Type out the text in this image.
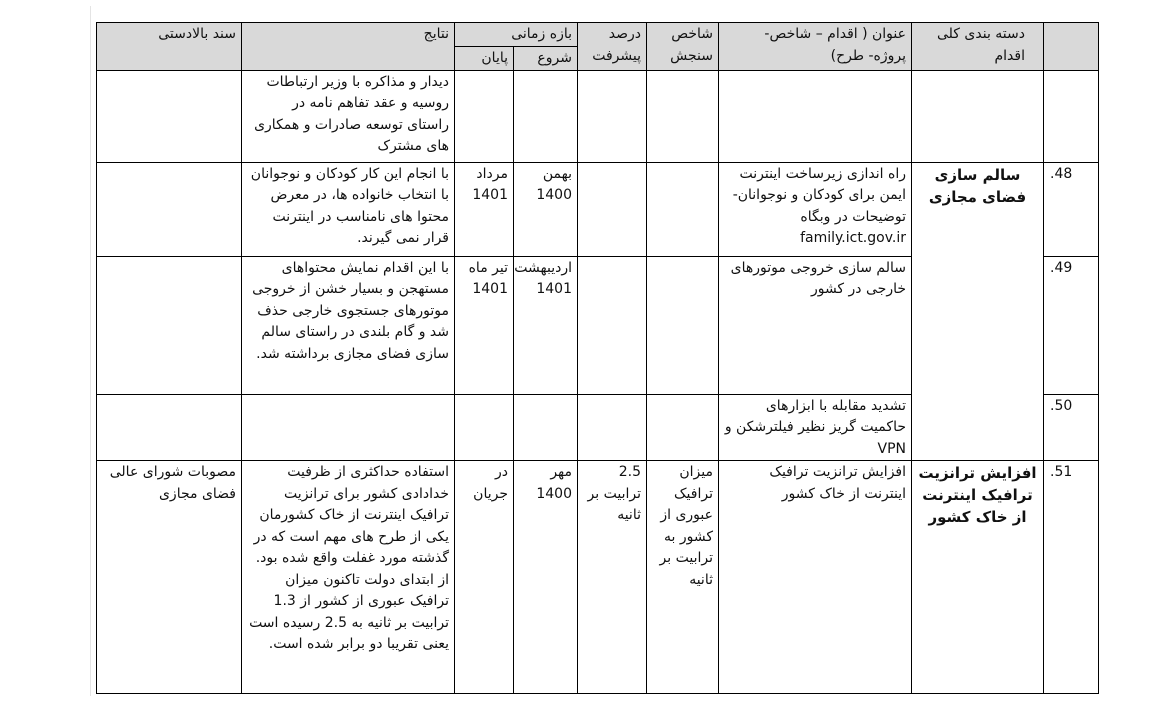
	دسته بندی کلی اقدام	عنوان ( اقدام – شاخص- پروژه- طرح)	شاخص سنجش	درصد پیشرفت	بازه زمانی		نتایج	سند بالادستی
					شروع	پایان		
							دیدار و مذاکره با وزیر ارتباطات روسیه و عقد تفاهم نامه در راستای توسعه صادرات و همکاری های مشترک	
.48	سالم سازی فضای مجازی	راه اندازی زیرساخت اینترنت ایمن برای کودکان و نوجوانان- توضیحات در وبگاه family.ict.gov.ir			بهمن 1400	مرداد 1401	با انجام این کار کودکان و نوجوانان با انتخاب خانواده ها، در معرض محتوا های نامناسب در اینترنت قرار نمی گیرند.	
.49		سالم سازی خروجی موتورهای خارجی در کشور			اردیبهشت 1401	تیر ماه 1401	با این اقدام نمایش محتواهای مستهجن و بسیار خشن از خروجی موتورهای جستجوی خارجی حذف شد و گام بلندی در راستای سالم سازی فضای مجازی برداشته شد.	
.50		تشدید مقابله با ابزارهای حاکمیت گریز نظیر فیلترشکن و VPN						
.51	افزایش ترانزیت ترافیک اینترنت از خاک کشور	افزایش ترانزیت ترافیک اینترنت از خاک کشور	میزان ترافیک عبوری از کشور به ترابیت بر ثانیه	2.5 ترابیت بر ثانیه	مهر 1400	در جریان	استفاده حداکثری از ظرفیت خدادادی کشور برای ترانزیت ترافیک اینترنت از خاک کشورمان یکی از طرح های مهم است که در گذشته مورد غفلت واقع شده بود. از ابتدای دولت تاکنون میزان ترافیک عبوری از کشور از 1.3 ترابیت بر ثانیه به 2.5 رسیده است یعنی تقریبا دو برابر شده است.	مصوبات شورای عالی فضای مجازی
